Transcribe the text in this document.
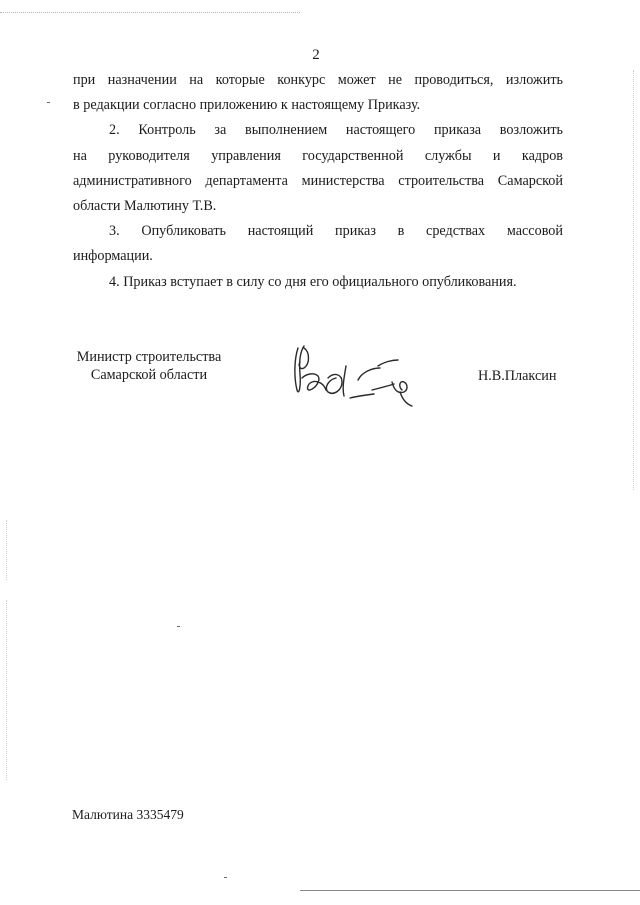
2

при назначении на которые конкурс может не проводиться, изложить

в редакции согласно приложению к настоящему Приказу.

2. Контроль за выполнением настоящего приказа возложить

на руководителя управления государственной службы и кадров

административного департамента министерства строительства Самарской

области Малютину Т.В.

3. Опубликовать настоящий приказ в средствах массовой

информации.

4. Приказ вступает в силу со дня его официального опубликования.

Министр строительства
Самарской области	Н.В.Плаксин
Малютина 3335479
